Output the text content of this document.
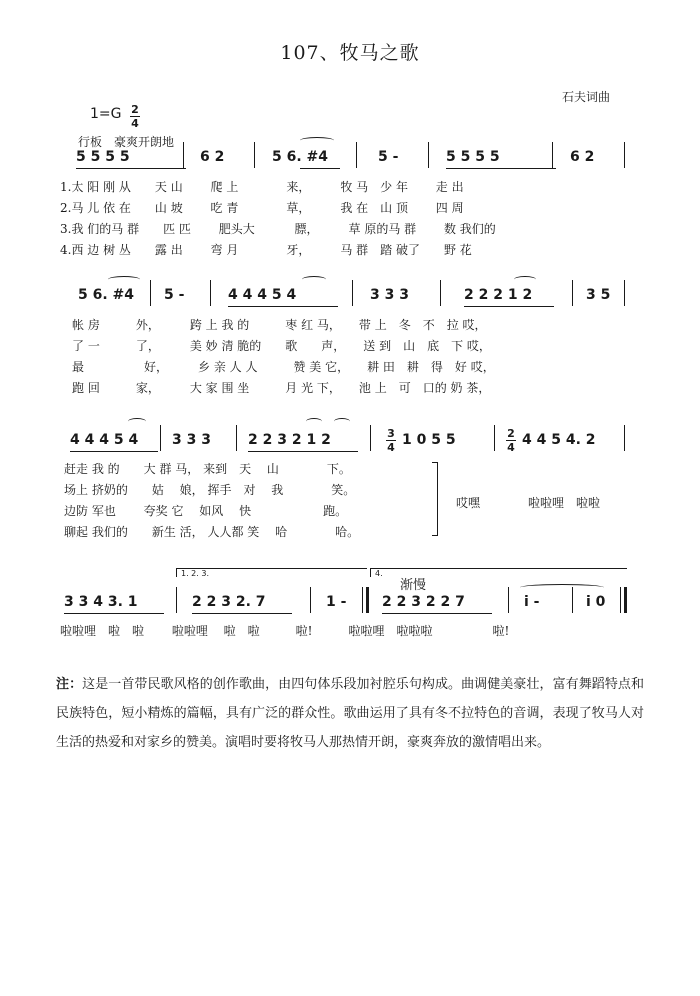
107、牧马之歌
石夫词曲
1=G 2
4
行板　豪爽开朗地
5 5 5 5	6 2	5 6. #4	5 -	5 5 5 5	6 2
1.太 阳 刚 从　　天 山　　 爬 上　　　　来，　　　牧 马　少 年　　 走 出
2.马 儿 依 在　　山 坡　　 吃 青　　　　草，　　　我 在　山 顶　　 四 周
3.我 们的马 群　　匹 匹　　 肥头大　　　 膘，　　　草 原的马 群　　 数 我们的
4.西 边 树 丛　　露 出　　 弯 月　　　　牙，　　　马 群　踏 破了　　野 花
5 6. #4 5 -	4 4 4 5 4	3 3 3	2 2 2 1 2	3 5
帐 房　　　外，　　　跨 上 我 的　　　枣 红 马，　　带 上　冬　不　拉 哎，
了 一　　　了，　　　美 妙 清 脆的　　歌　　声，　　送 到　山　底　下 哎，
最　　　　　好，　　　乡 亲 人 人　　　赞 美 它，　　耕 田　耕　得　好 哎，
跑 回　　　家，　　　大 家 围 坐　　　月 光 下，　　池 上　可　口的 奶 茶，
4 4 4 5 4 3 3 3	2 2 3 2 1 2	3
4 1 0 5 5	2
4 4 4 5 4. 2
赶走 我 的　　大 群 马， 来到　天　 山　　　　下。
场上 挤奶的　　姑　 娘， 挥手　对　 我　　　　笑。
边防 军也　　 夸奖 它　 如风　 快　　　　　　跑。
聊起 我们的　　新生 活， 人人都 笑　 哈　　　　哈。
哎嘿　　　　啦啦哩　啦啦
1. 2. 3.	4.
渐慢
3 3 4 3. 1	2 2 3 2. 7	1 -	2 2 3 2 2 7	i -	i 0
啦啦哩　啦　啦　　 啦啦哩　 啦　啦　　　啦!　　　啦啦哩　啦啦啦　　　　　啦!
注：这是一首带民歌风格的创作歌曲，由四句体乐段加衬腔乐句构成。曲调健美豪壮，富有舞蹈特点和民族特色，短小精炼的篇幅，具有广泛的群众性。歌曲运用了具有冬不拉特色的音调，表现了牧马人对生活的热爱和对家乡的赞美。演唱时要将牧马人那热情开朗，豪爽奔放的激情唱出来。
